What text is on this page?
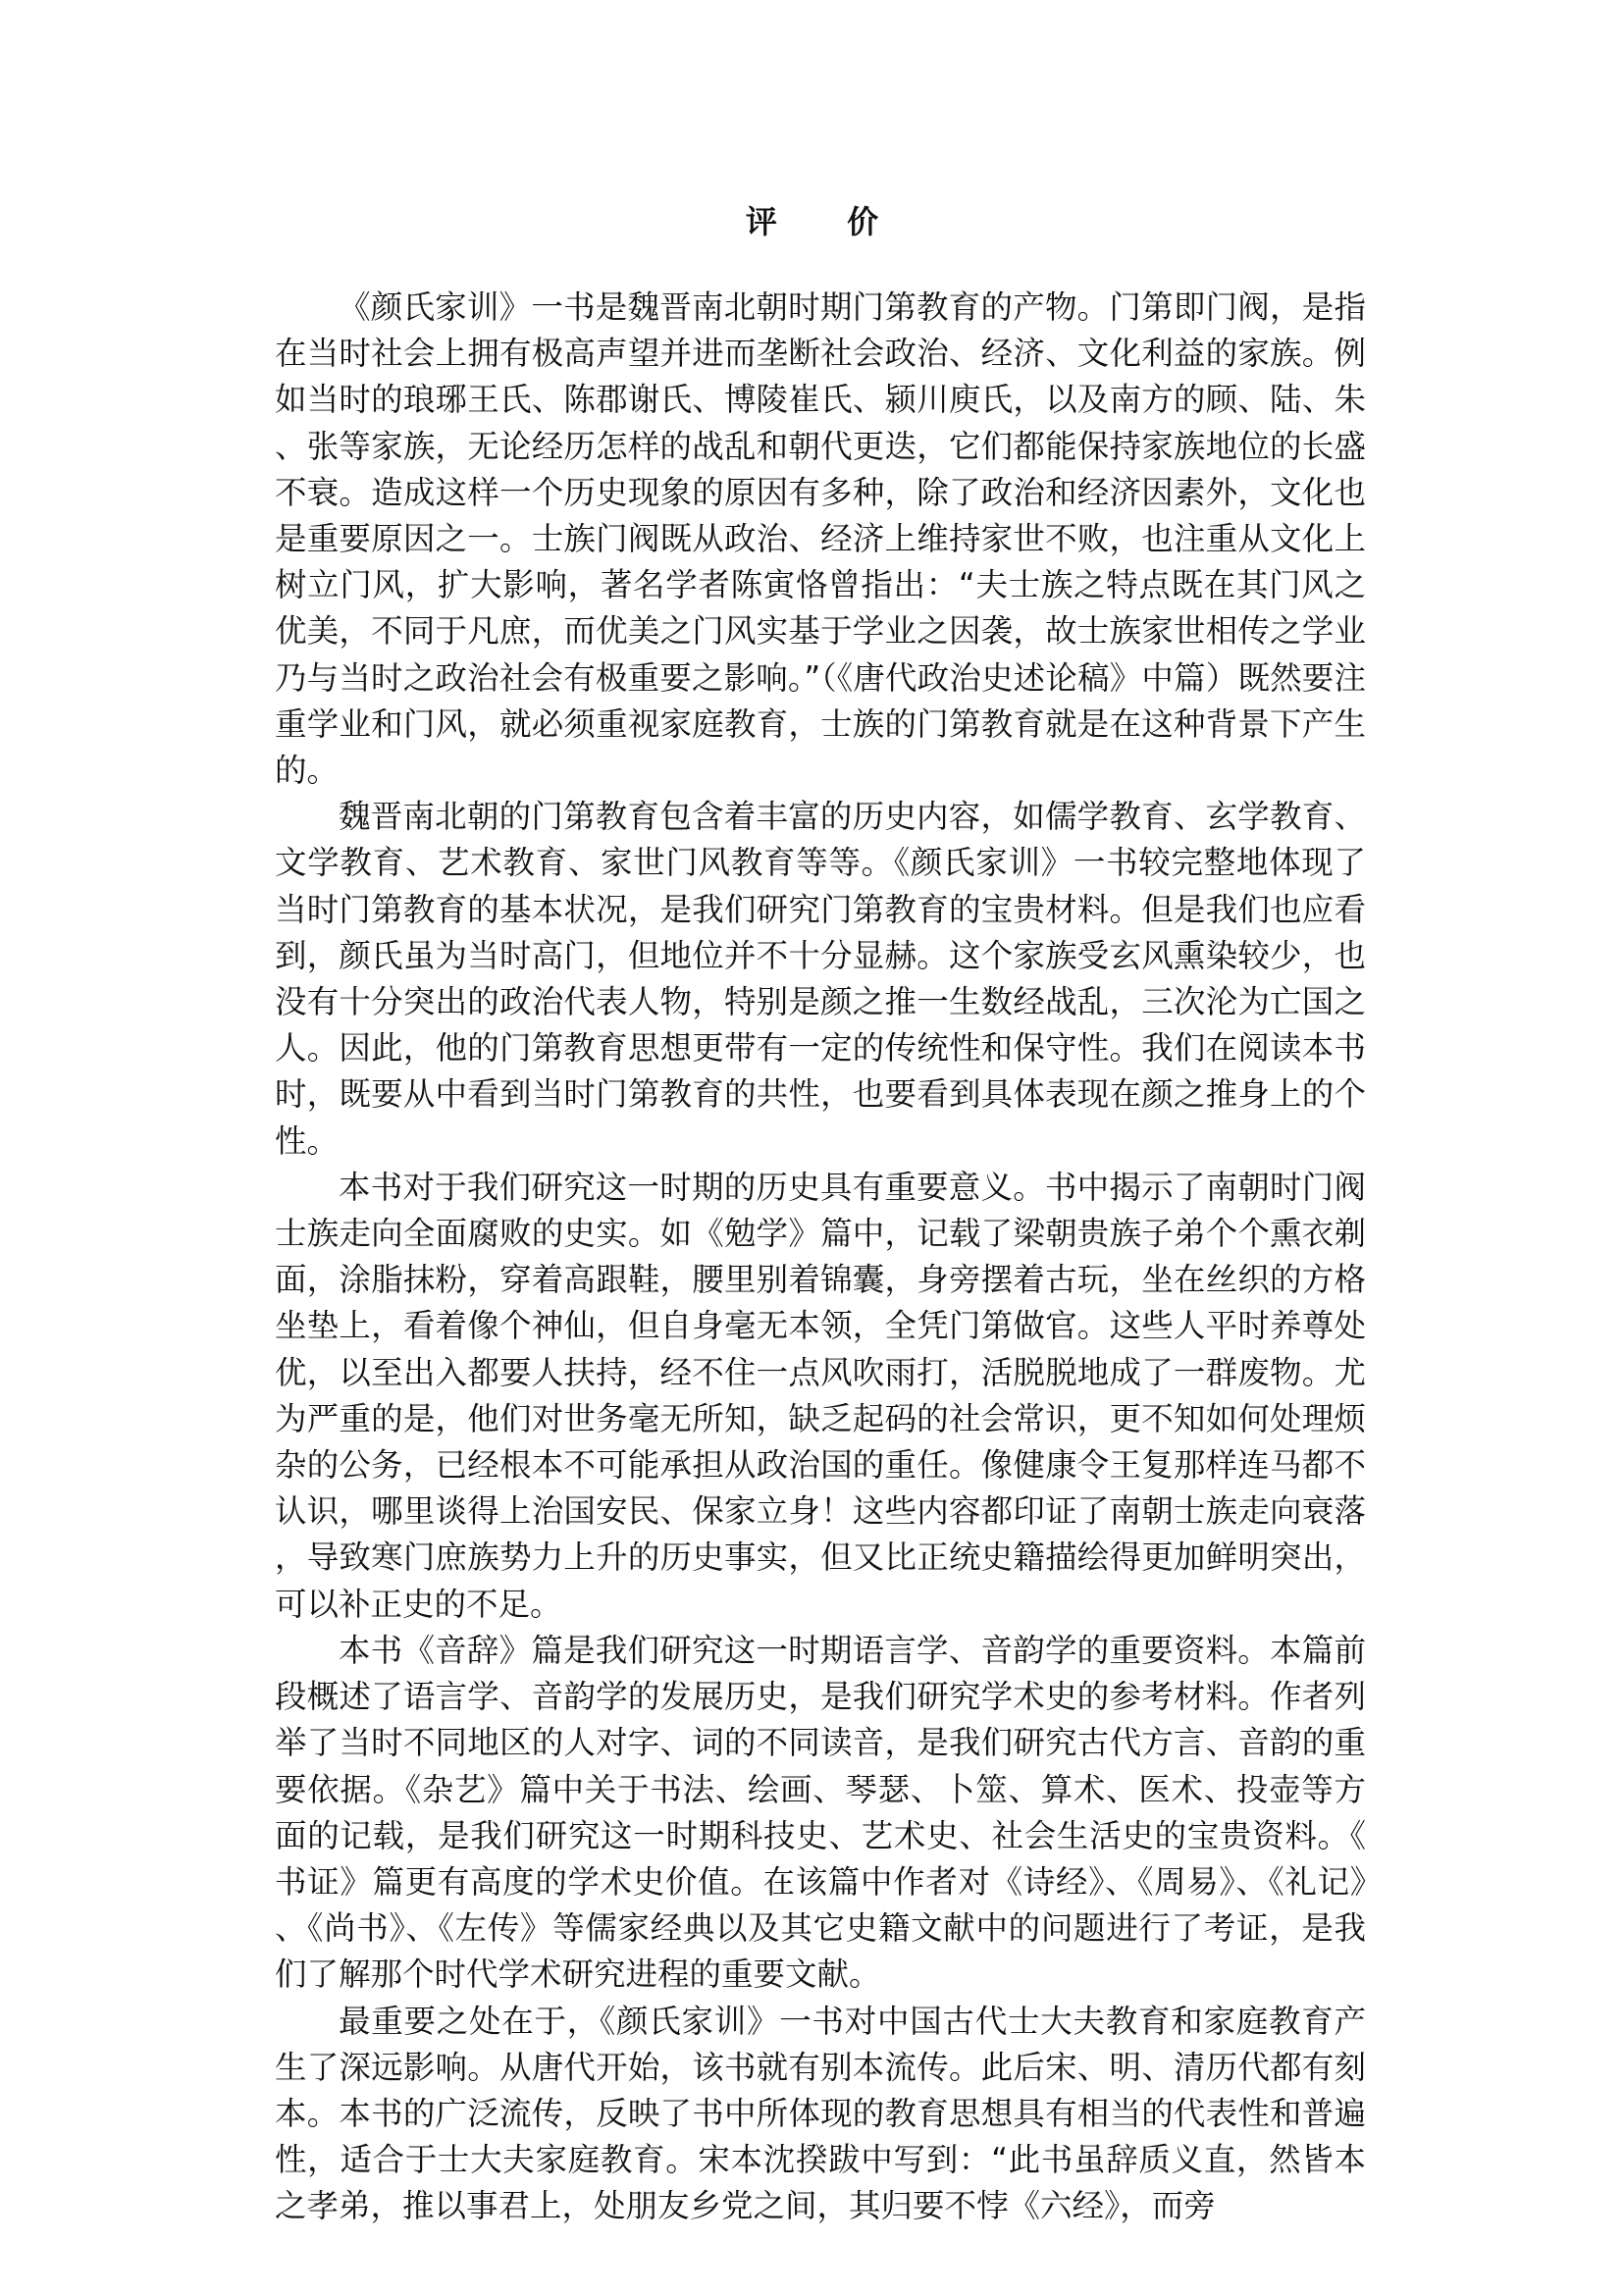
评 价

《颜氏家训》一书是魏晋南北朝时期门第教育的产物。门第即门阀，是指在当时社会上拥有极高声望并进而垄断社会政治、经济、文化利益的家族。例如当时的琅琊王氏、陈郡谢氏、博陵崔氏、颍川庾氏，以及南方的顾、陆、朱、张等家族，无论经历怎样的战乱和朝代更迭，它们都能保持家族地位的长盛不衰。造成这样一个历史现象的原因有多种，除了政治和经济因素外，文化也是重要原因之一。士族门阀既从政治、经济上维持家世不败，也注重从文化上树立门风，扩大影响，著名学者陈寅恪曾指出：“夫士族之特点既在其门风之优美，不同于凡庶，而优美之门风实基于学业之因袭，故士族家世相传之学业乃与当时之政治社会有极重要之影响。”（《唐代政治史述论稿》中篇）既然要注重学业和门风，就必须重视家庭教育，士族的门第教育就是在这种背景下产生的。

魏晋南北朝的门第教育包含着丰富的历史内容，如儒学教育、玄学教育、文学教育、艺术教育、家世门风教育等等。《颜氏家训》一书较完整地体现了当时门第教育的基本状况，是我们研究门第教育的宝贵材料。但是我们也应看到，颜氏虽为当时高门，但地位并不十分显赫。这个家族受玄风熏染较少，也没有十分突出的政治代表人物，特别是颜之推一生数经战乱，三次沦为亡国之人。因此，他的门第教育思想更带有一定的传统性和保守性。我们在阅读本书时，既要从中看到当时门第教育的共性，也要看到具体表现在颜之推身上的个性。

本书对于我们研究这一时期的历史具有重要意义。书中揭示了南朝时门阀士族走向全面腐败的史实。如《勉学》篇中，记载了梁朝贵族子弟个个熏衣剃面，涂脂抹粉，穿着高跟鞋，腰里别着锦囊，身旁摆着古玩，坐在丝织的方格坐垫上，看着像个神仙，但自身毫无本领，全凭门第做官。这些人平时养尊处优，以至出入都要人扶持，经不住一点风吹雨打，活脱脱地成了一群废物。尤为严重的是，他们对世务毫无所知，缺乏起码的社会常识，更不知如何处理烦杂的公务，已经根本不可能承担从政治国的重任。像健康令王复那样连马都不认识，哪里谈得上治国安民、保家立身！这些内容都印证了南朝士族走向衰落，导致寒门庶族势力上升的历史事实，但又比正统史籍描绘得更加鲜明突出，可以补正史的不足。

本书《音辞》篇是我们研究这一时期语言学、音韵学的重要资料。本篇前段概述了语言学、音韵学的发展历史，是我们研究学术史的参考材料。作者列举了当时不同地区的人对字、词的不同读音，是我们研究古代方言、音韵的重要依据。《杂艺》篇中关于书法、绘画、琴瑟、卜筮、算术、医术、投壶等方面的记载，是我们研究这一时期科技史、艺术史、社会生活史的宝贵资料。《书证》篇更有高度的学术史价值。在该篇中作者对《诗经》、《周易》、《礼记》、《尚书》、《左传》等儒家经典以及其它史籍文献中的问题进行了考证，是我们了解那个时代学术研究进程的重要文献。

最重要之处在于，《颜氏家训》一书对中国古代士大夫教育和家庭教育产生了深远影响。从唐代开始，该书就有别本流传。此后宋、明、清历代都有刻本。本书的广泛流传，反映了书中所体现的教育思想具有相当的代表性和普遍性，适合于士大夫家庭教育。宋本沈揆跋中写到：“此书虽辞质义直，然皆本之孝弟，推以事君上，处朋友乡党之间，其归要不悖《六经》，而旁
